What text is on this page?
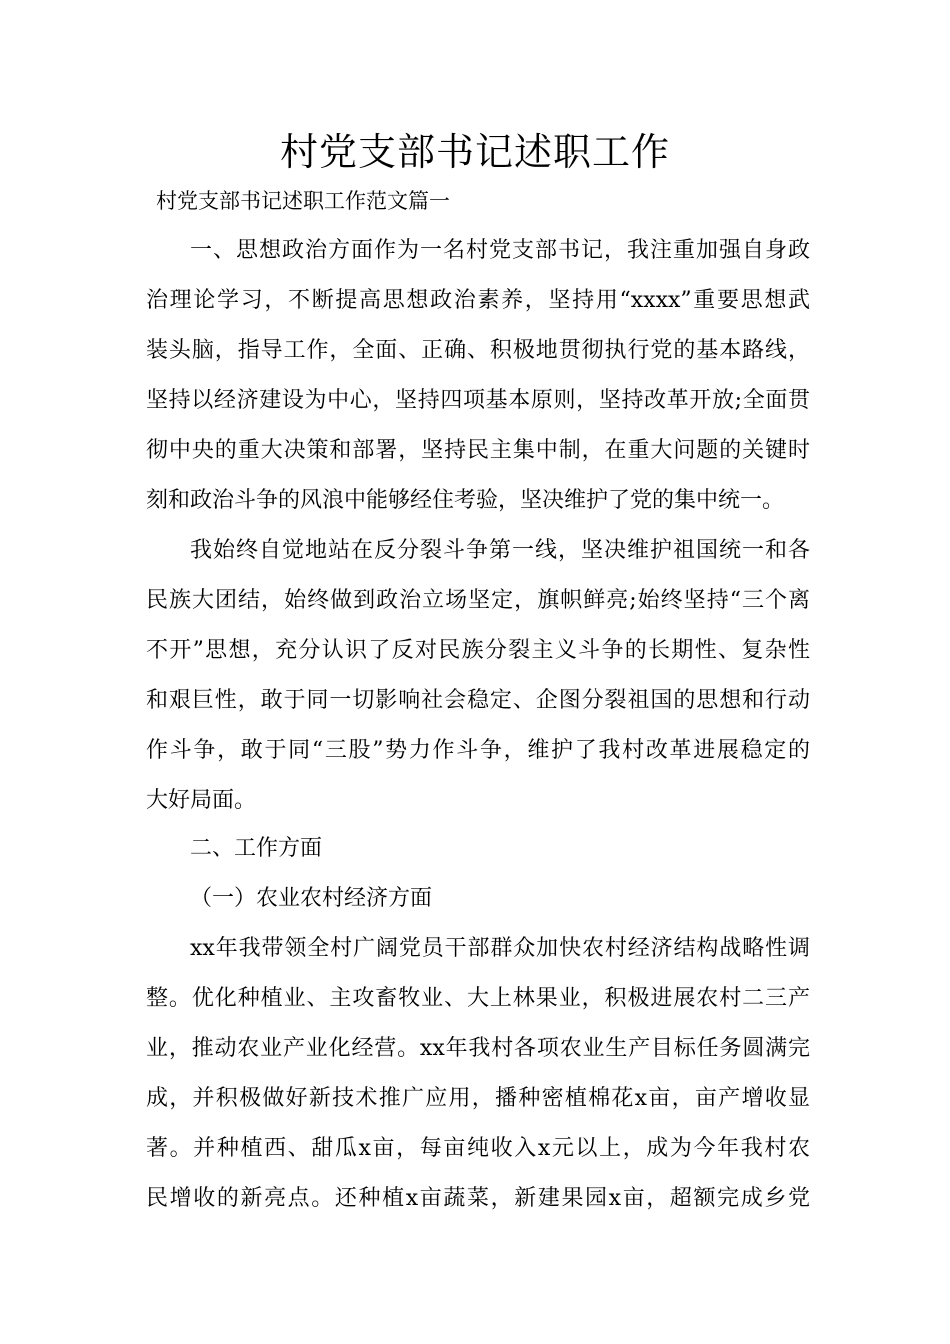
村党支部书记述职工作
村党支部书记述职工作范文篇一
一、思想政治方面作为一名村党支部书记，我注重加强自身政
治理论学习，不断提高思想政治素养，坚持用“xxxx”重要思想武
装头脑，指导工作，全面、正确、积极地贯彻执行党的基本路线，
坚持以经济建设为中心，坚持四项基本原则，坚持改革开放;全面贯
彻中央的重大决策和部署，坚持民主集中制，在重大问题的关键时
刻和政治斗争的风浪中能够经住考验，坚决维护了党的集中统一。
我始终自觉地站在反分裂斗争第一线，坚决维护祖国统一和各
民族大团结，始终做到政治立场坚定，旗帜鲜亮;始终坚持“三个离
不开”思想，充分认识了反对民族分裂主义斗争的长期性、复杂性
和艰巨性，敢于同一切影响社会稳定、企图分裂祖国的思想和行动
作斗争，敢于同“三股”势力作斗争，维护了我村改革进展稳定的
大好局面。
二、工作方面
（一）农业农村经济方面
xx年我带领全村广阔党员干部群众加快农村经济结构战略性调
整。优化种植业、主攻畜牧业、大上林果业，积极进展农村二三产
业，推动农业产业化经营。xx年我村各项农业生产目标任务圆满完
成，并积极做好新技术推广应用，播种密植棉花x亩，亩产增收显
著。并种植西、甜瓜x亩，每亩纯收入x元以上，成为今年我村农
民增收的新亮点。还种植x亩蔬菜，新建果园x亩，超额完成乡党
